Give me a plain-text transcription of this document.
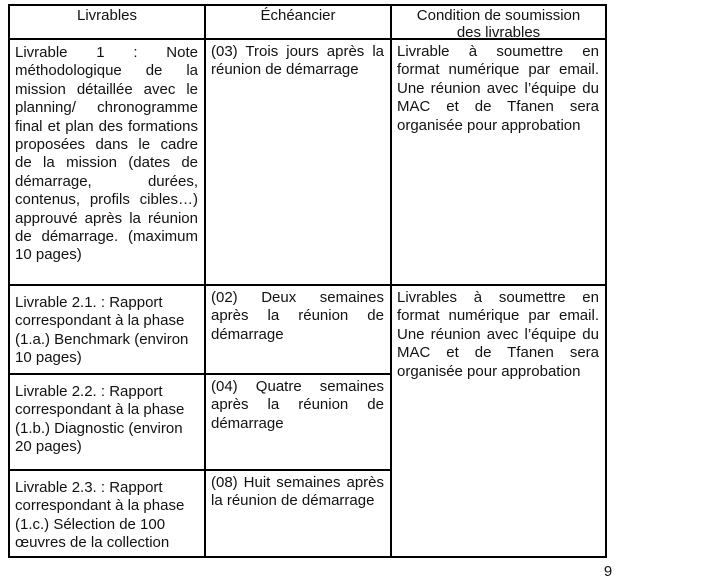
Livrables	Échéancier	Condition de soumission des livrables
Livrable 1 : Note méthodologique de la mission détaillée avec le planning/ chronogramme final et plan des formations proposées dans le cadre de la mission (dates de démarrage, durées, contenus, profils cibles…) approuvé après la réunion de démarrage. (maximum 10 pages)
(03) Trois jours après la réunion de démarrage
Livrable à soumettre en format numérique par email. Une réunion avec l’équipe du MAC et de Tfanen sera organisée pour approbation
Livrable 2.1. : Rapport correspondant à la phase (1.a.) Benchmark (environ 10 pages)
(02) Deux semaines après la réunion de démarrage
Livrables à soumettre en format numérique par email. Une réunion avec l’équipe du MAC et de Tfanen sera organisée pour approbation
Livrable 2.2. : Rapport correspondant à la phase (1.b.) Diagnostic (environ 20 pages)
(04) Quatre semaines après la réunion de démarrage
Livrable 2.3. : Rapport correspondant à la phase (1.c.) Sélection de 100 œuvres de la collection
(08) Huit semaines après la réunion de démarrage
9
